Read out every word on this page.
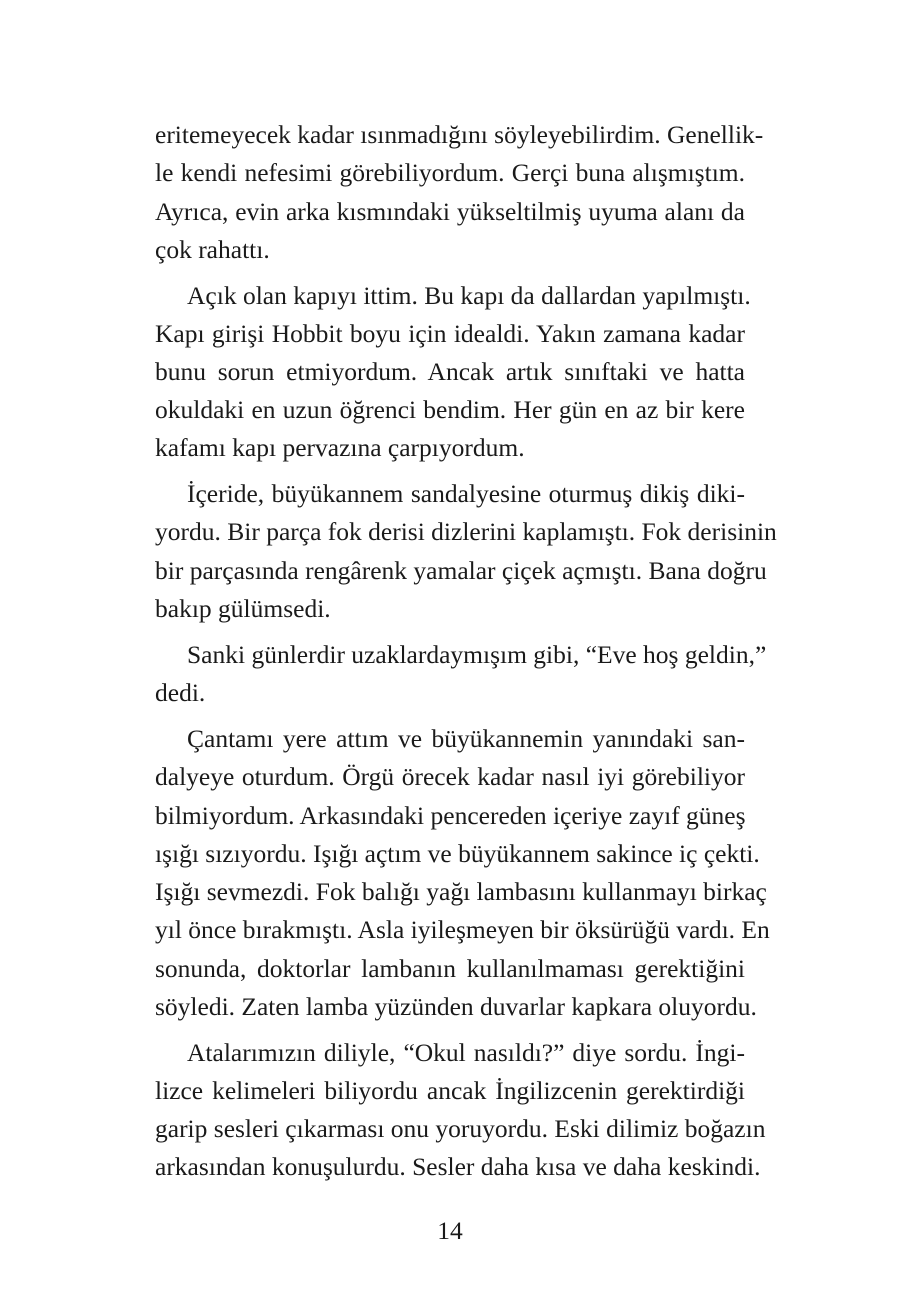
eritemeyecek kadar ısınmadığını söyleyebilirdim. Genellik-
le kendi nefesimi görebiliyordum. Gerçi buna alışmıştım.
Ayrıca, evin arka kısmındaki yükseltilmiş uyuma alanı da
çok rahattı.
Açık olan kapıyı ittim. Bu kapı da dallardan yapılmıştı.
Kapı girişi Hobbit boyu için idealdi. Yakın zamana kadar
bunu sorun etmiyordum. Ancak artık sınıftaki ve hatta
okuldaki en uzun öğrenci bendim. Her gün en az bir kere
kafamı kapı pervazına çarpıyordum.
İçeride, büyükannem sandalyesine oturmuş dikiş diki-
yordu. Bir parça fok derisi dizlerini kaplamıştı. Fok derisinin
bir parçasında rengârenk yamalar çiçek açmıştı. Bana doğru
bakıp gülümsedi.
Sanki günlerdir uzaklardaymışım gibi, “Eve hoş geldin,”
dedi.
Çantamı yere attım ve büyükannemin yanındaki san-
dalyeye oturdum. Örgü örecek kadar nasıl iyi görebiliyor
bilmiyordum. Arkasındaki pencereden içeriye zayıf güneş
ışığı sızıyordu. Işığı açtım ve büyükannem sakince iç çekti.
Işığı sevmezdi. Fok balığı yağı lambasını kullanmayı birkaç
yıl önce bırakmıştı. Asla iyileşmeyen bir öksürüğü vardı. En
sonunda, doktorlar lambanın kullanılmaması gerektiğini
söyledi. Zaten lamba yüzünden duvarlar kapkara oluyordu.
Atalarımızın diliyle, “Okul nasıldı?” diye sordu. İngi-
lizce kelimeleri biliyordu ancak İngilizcenin gerektirdiği
garip sesleri çıkarması onu yoruyordu. Eski dilimiz boğazın
arkasından konuşulurdu. Sesler daha kısa ve daha keskindi.
14
